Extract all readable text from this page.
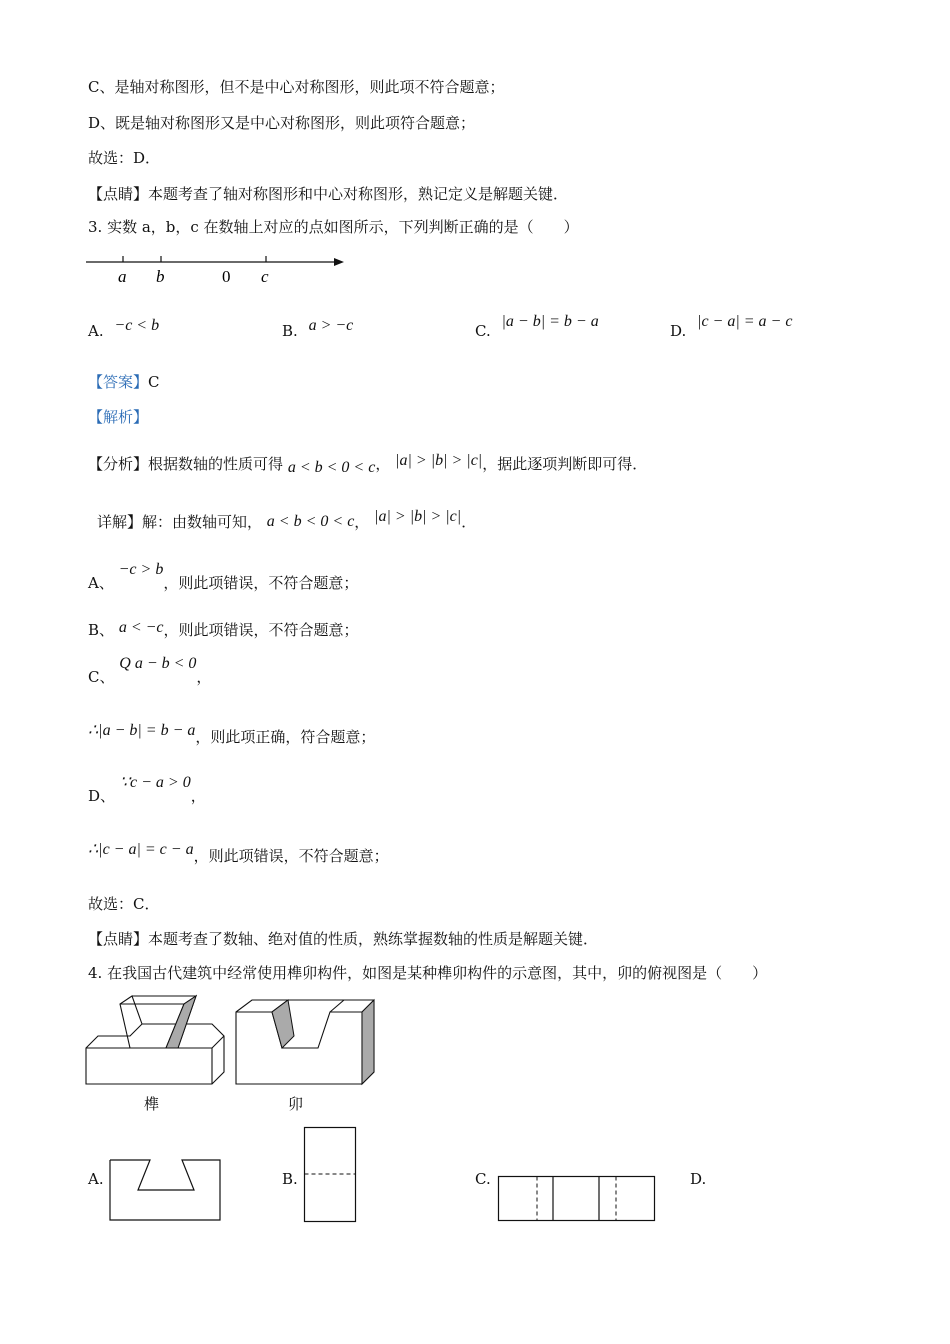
C、是轴对称图形，但不是中心对称图形，则此项不符合题意；
D、既是轴对称图形又是中心对称图形，则此项符合题意；
故选：D．
【点睛】本题考查了轴对称图形和中心对称图形，熟记定义是解题关键．
3. 实数 a，b，c 在数轴上对应的点如图所示，下列判断正确的是（　　）
a b	0 c
A. −c < b	B. a > −c	C. |a − b| = b − a
D. |c − a| = a − c
【答案】C
【解析】
【分析】根据数轴的性质可得 a < b < 0 < c， |a| > |b| > |c|，据此逐项判断即可得．
详解】解：由数轴可知， a < b < 0 < c， |a| > |b| > |c|．
A、 −c > b，则此项错误，不符合题意；
B、 a < −c，则此项错误，不符合题意；
C、 Q a − b < 0，
∴|a − b| = b − a，则此项正确，符合题意；
D、 ∵c − a > 0，
∴|c − a| = c − a，则此项错误，不符合题意；
故选：C．
【点睛】本题考查了数轴、绝对值的性质，熟练掌握数轴的性质是解题关键．
4. 在我国古代建筑中经常使用榫卯构件，如图是某种榫卯构件的示意图，其中，卯的俯视图是（　　）
榫	卯
A.	B.	C.	D.
